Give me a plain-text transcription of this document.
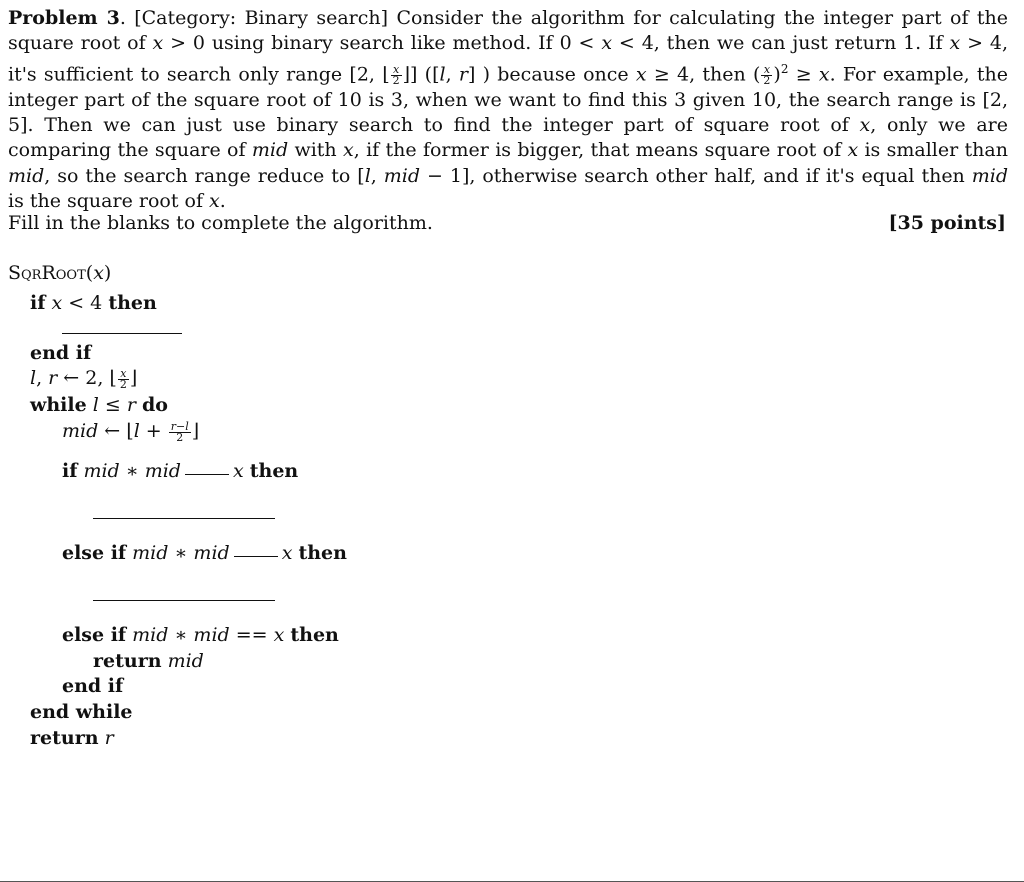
Problem 3. [Category: Binary search] Consider the algorithm for calculating the integer part of the square root of x > 0 using binary search like method. If 0 < x < 4, then we can just return 1. If x > 4, it's sufficient to search only range [2, ⌊ $\frac{x}{2}$ ⌋] ([l, r] ) because once x ≥ 4, then ( $\frac{x}{2} )^2 \ge x$. For example, the integer part of the square root of 10 is 3, when we want to find this 3 given 10, the search range is [2, 5]. Then we can just use binary search to find the integer part of square root of x, only we are comparing the square of mid with x, if the former is bigger, that means square root of x is smaller than mid, so the search range reduce to [l, mid − 1], otherwise search other half, and if it's equal then mid is the square root of x.
Fill in the blanks to complete the algorithm.	[35 points]
SqrRoot(x)
if x < 4 then
end if
l, r ← 2, ⌊ $\frac{x}{2}$ ⌋
while l ≤ r do
mid ← ⌊l + $\frac{r-l}{2}$ ⌋
if mid ∗ mid	x then
else if mid ∗ mid	x then
else if mid ∗ mid == x then
return mid
end if
end while
return r
